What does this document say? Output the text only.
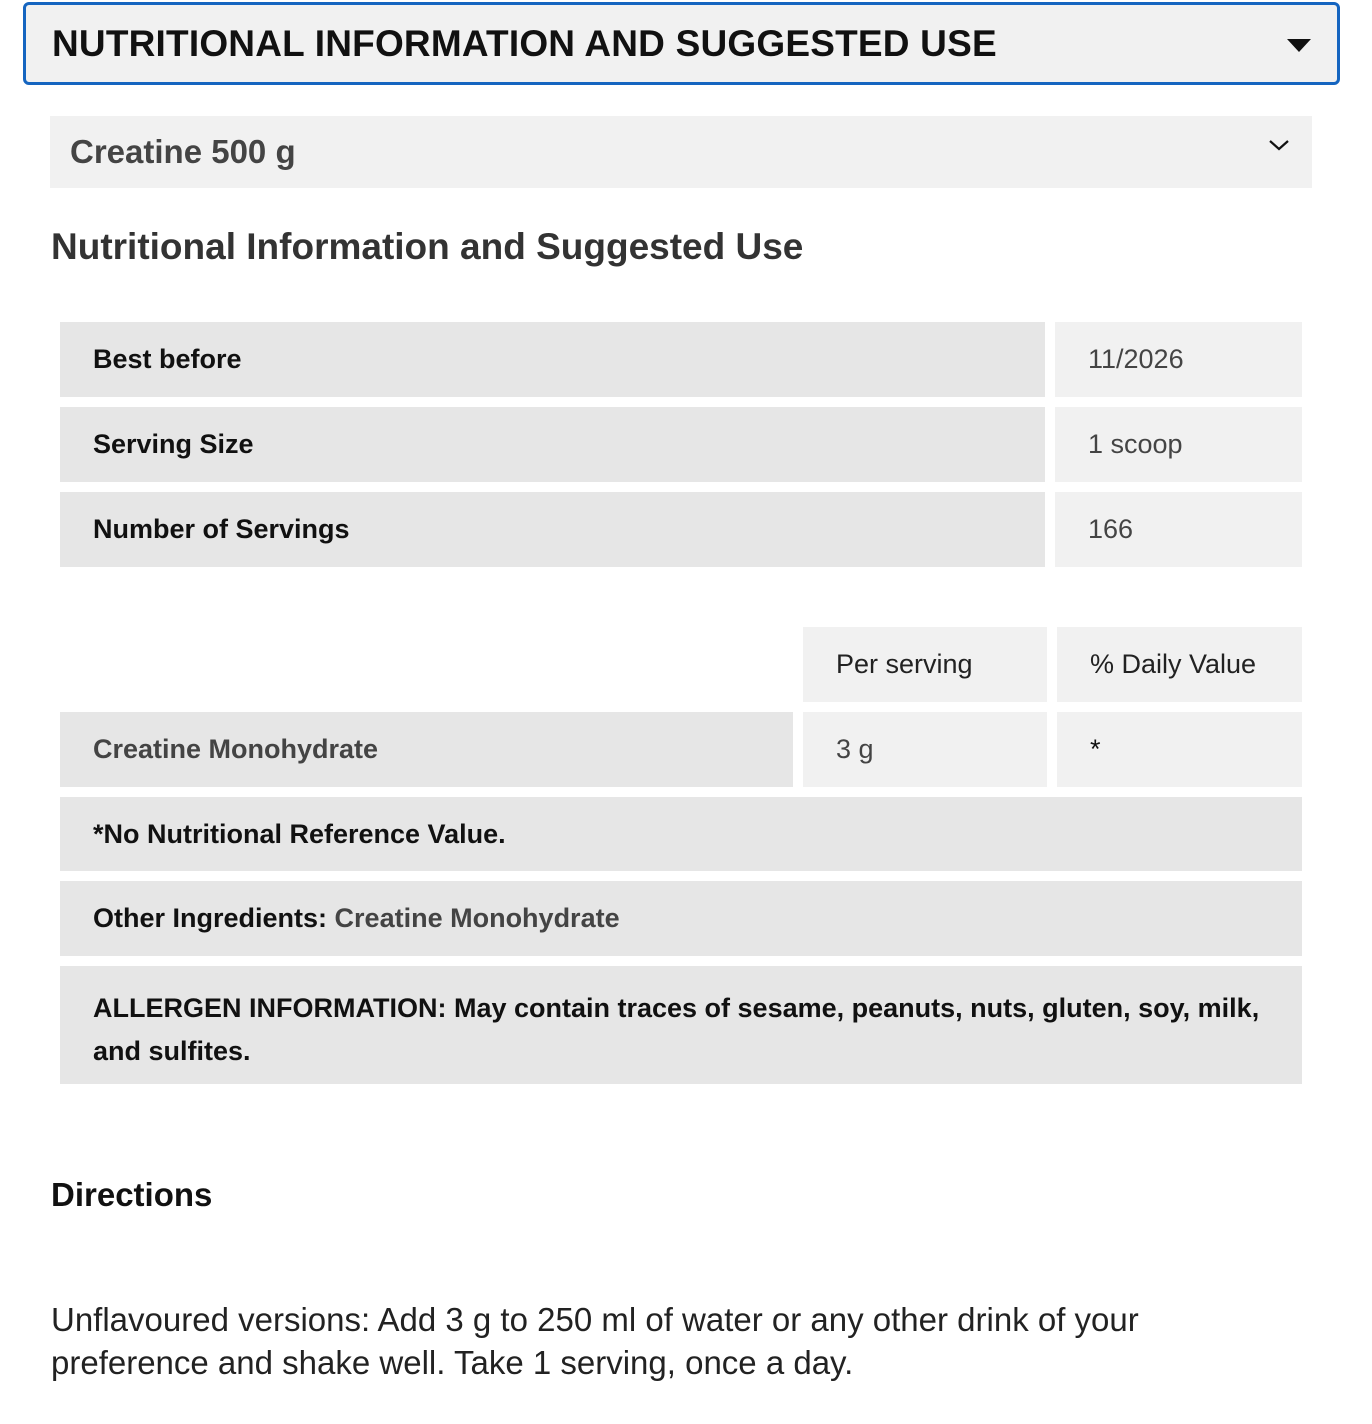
NUTRITIONAL INFORMATION AND SUGGESTED USE
Creatine 500 g
Nutritional Information and Suggested Use
Best before	11/2026
Serving Size	1 scoop
Number of Servings	166
Per serving	% Daily Value
Creatine Monohydrate	3 g	*
*No Nutritional Reference Value.
Other Ingredients:
Creatine Monohydrate
ALLERGEN INFORMATION: May contain traces of sesame, peanuts, nuts, gluten, soy, milk, and sulfites.
Directions

Unflavoured versions: Add 3 g to 250 ml of water or any other drink of your preference and shake well. Take 1 serving, once a day.
